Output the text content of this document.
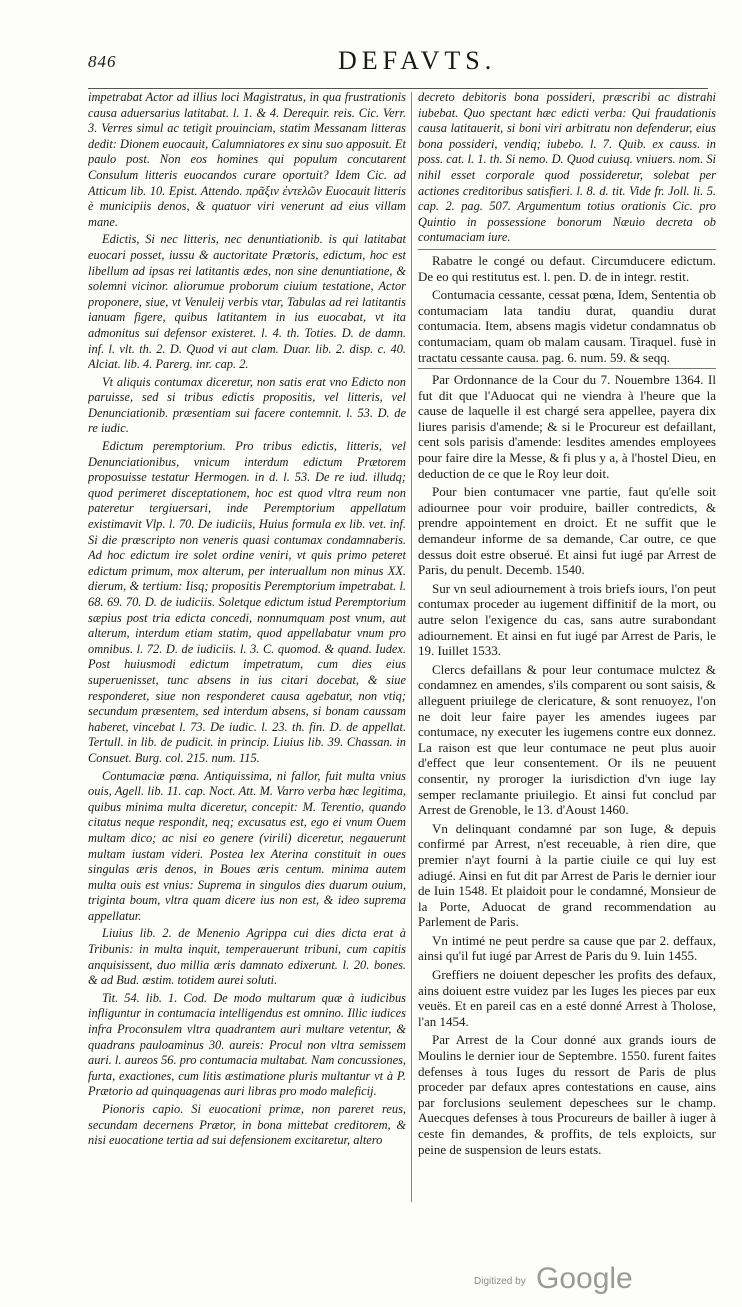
846	DEFAVTS.

impetrabat Actor ad illius loci Magistratus, in qua frustrationis causa aduersarius latitabat. l. 1. & 4. Derequir. reis. Cic. Verr. 3. Verres simul ac tetigit prouinciam, statim Messanam litteras dedit: Dionem euocauit, Calumniatores ex sinu suo apposuit. Et paulo post. Non eos homines qui populum concutarent Consulum litteris euocandos curare oportuit? Idem Cic. ad Atticum lib. 10. Epist. Attendo. πρᾶξιν ἐντελῶν Euocauit litteris è municipiis denos, & quatuor viri venerunt ad eius villam mane.

Edictis, Si nec litteris, nec denuntiationib. is qui latitabat euocari posset, iussu & auctoritate Prætoris, edictum, hoc est libellum ad ipsas rei latitantis ædes, non sine denuntiatione, & solemni vicinor. aliorumue proborum ciuium testatione, Actor proponere, siue, vt Venuleij verbis vtar, Tabulas ad rei latitantis ianuam figere, quibus latitantem in ius euocabat, vt ita admonitus sui defensor existeret. l. 4. th. Toties. D. de damn. inf. l. vlt. th. 2. D. Quod vi aut clam. Duar. lib. 2. disp. c. 40. Alciat. lib. 4. Parerg. inr. cap. 2.

Vt aliquis contumax diceretur, non satis erat vno Edicto non paruisse, sed si tribus edictis propositis, vel litteris, vel Denunciationib. præsentiam sui facere contemnit. l. 53. D. de re iudic.

Edictum peremptorium. Pro tribus edictis, litteris, vel Denunciationibus, vnicum interdum edictum Prætorem proposuisse testatur Hermogen. in d. l. 53. De re iud. illudq; quod perimeret disceptationem, hoc est quod vltra reum non pateretur tergiuersari, inde Peremptorium appellatum existimavit Vlp. l. 70. De iudiciis, Huius formula ex lib. vet. inf. Si die præscripto non veneris quasi contumax condamnaberis. Ad hoc edictum ire solet ordine veniri, vt quis primo peteret edictum primum, mox alterum, per interuallum non minus XX. dierum, & tertium: Iisq; propositis Peremptorium impetrabat. l. 68. 69. 70. D. de iudiciis. Soletque edictum istud Peremptorium sæpius post tria edicta concedi, nonnumquam post vnum, aut alterum, interdum etiam statim, quod appellabatur vnum pro omnibus. l. 72. D. de iudiciis. l. 3. C. quomod. & quand. Iudex. Post huiusmodi edictum impetratum, cum dies eius superuenisset, tunc absens in ius citari docebat, & siue responderet, siue non responderet causa agebatur, non vtiq; secundum præsentem, sed interdum absens, si bonam caussam haberet, vincebat l. 73. De iudic. l. 23. th. fin. D. de appellat. Tertull. in lib. de pudicit. in princip. Liuius lib. 39. Chassan. in Consuet. Burg. col. 215. num. 115.

Contumaciæ pœna. Antiquissima, ni fallor, fuit multa vnius ouis, Agell. lib. 11. cap. Noct. Att. M. Varro verba hæc legitima, quibus minima multa diceretur, concepit: M. Terentio, quando citatus neque respondit, neq; excusatus est, ego ei vnum Ouem multam dico; ac nisi eo genere (virili) diceretur, negauerunt multam iustam videri. Postea lex Aterina constituit in oues singulas æris denos, in Boues æris centum. minima autem multa ouis est vnius: Suprema in singulos dies duarum ouium, triginta boum, vltra quam dicere ius non est, & ideo suprema appellatur.

Liuius lib. 2. de Menenio Agrippa cui dies dicta erat à Tribunis: in multa inquit, temperauerunt tribuni, cum capitis anquisissent, duo millia æris damnato edixerunt. l. 20. bones. & ad Bud. æstim. totidem aurei soluti.

Tit. 54. lib. 1. Cod. De modo multarum quæ à iudicibus infliguntur in contumacia intelligendus est omnino. Illic iudices infra Proconsulem vltra quadrantem auri multare vetentur, & quadrans pauloaminus 30. aureis: Procul non vltra semissem auri. l. aureos 56. pro contumacia multabat. Nam concussiones, furta, exactiones, cum litis æstimatione pluris multantur vt à P. Prætorio ad quinquagenas auri libras pro modo maleficij.

Pionoris capio. Si euocationi primæ, non pareret reus, secundam decernens Prætor, in bona mittebat creditorem, & nisi euocatione tertia ad sui defensionem excitaretur, altero

decreto debitoris bona possideri, præscribi ac distrahi iubebat. Quo spectant hæc edicti verba: Qui fraudationis causa latitauerit, si boni viri arbitratu non defenderur, eius bona possideri, vendiq; iubebo. l. 7. Quib. ex causs. in poss. cat. l. 1. th. Si nemo. D. Quod cuiusq. vniuers. nom. Si nihil esset corporale quod possideretur, solebat per actiones creditoribus satisfieri. l. 8. d. tit. Vide fr. Joll. li. 5. cap. 2. pag. 507. Argumentum totius orationis Cic. pro Quintio in possessione bonorum Næuio decreta ob contumaciam iure.

Rabatre le congé ou defaut. Circumducere edictum. De eo qui restitutus est. l. pen. D. de in integr. restit.

Contumacia cessante, cessat pœna, Idem, Sententia ob contumaciam lata tandiu durat, quandiu durat contumacia. Item, absens magis videtur condamnatus ob contumaciam, quam ob malam causam. Tiraquel. fusè in tractatu cessante causa. pag. 6. num. 59. & seqq.

Par Ordonnance de la Cour du 7. Nouembre 1364. Il fut dit que l'Aduocat qui ne viendra à l'heure que la cause de laquelle il est chargé sera appellee, payera dix liures parisis d'amende; & si le Procureur est defaillant, cent sols parisis d'amende: lesdites amendes employees pour faire dire la Messe, & fi plus y a, à l'hostel Dieu, en deduction de ce que le Roy leur doit.

Pour bien contumacer vne partie, faut qu'elle soit adiournee pour voir produire, bailler contredicts, & prendre appointement en droict. Et ne suffit que le demandeur informe de sa demande, Car outre, ce que dessus doit estre obserué. Et ainsi fut iugé par Arrest de Paris, du penult. Decemb. 1540.

Sur vn seul adiournement à trois briefs iours, l'on peut contumax proceder au iugement diffinitif de la mort, ou autre selon l'exigence du cas, sans autre surabondant adiournement. Et ainsi en fut iugé par Arrest de Paris, le 19. Iuillet 1533.

Clercs defaillans & pour leur contumace mulctez & condamnez en amendes, s'ils comparent ou sont saisis, & alleguent priuilege de clericature, & sont renuoyez, l'on ne doit leur faire payer les amendes iugees par contumace, ny executer les iugemens contre eux donnez. La raison est que leur contumace ne peut plus auoir d'effect que leur consentement. Or ils ne peuuent consentir, ny proroger la iurisdiction d'vn iuge lay semper reclamante priuilegio. Et ainsi fut conclud par Arrest de Grenoble, le 13. d'Aoust 1460.

Vn delinquant condamné par son Iuge, & depuis confirmé par Arrest, n'est receuable, à rien dire, que premier n'ayt fourni à la partie ciuile ce qui luy est adiugé. Ainsi en fut dit par Arrest de Paris le dernier iour de Iuin 1548. Et plaidoit pour le condamné, Monsieur de la Porte, Aduocat de grand recommendation au Parlement de Paris.

Vn intimé ne peut perdre sa cause que par 2. deffaux, ainsi qu'il fut iugé par Arrest de Paris du 9. Iuin 1455.

Greffiers ne doiuent depescher les profits des defaux, ains doiuent estre vuidez par les Iuges les pieces par eux veuës. Et en pareil cas en a esté donné Arrest à Tholose, l'an 1454.

Par Arrest de la Cour donné aux grands iours de Moulins le dernier iour de Septembre. 1550. furent faites defenses à tous Iuges du ressort de Paris de plus proceder par defaux apres contestations en cause, ains par forclusions seulement depeschees sur le champ. Auecques defenses à tous Procureurs de bailler à iuger à ceste fin demandes, & proffits, de tels exploicts, sur peine de suspension de leurs estats.

Digitized by Google
